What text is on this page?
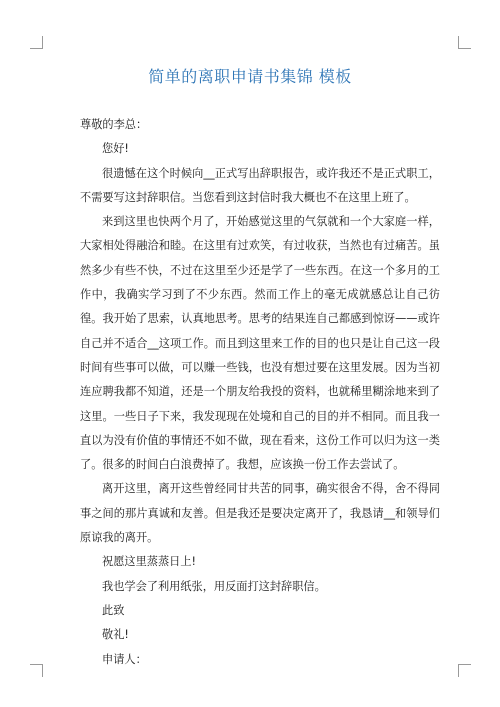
简单的离职申请书集锦 模板

尊敬的李总：

您好!

很遗憾在这个时候向__正式写出辞职报告，或许我还不是正式职工，不需要写这封辞职信。当您看到这封信时我大概也不在这里上班了。

来到这里也快两个月了，开始感觉这里的气氛就和一个大家庭一样，大家相处得融洽和睦。在这里有过欢笑，有过收获，当然也有过痛苦。虽然多少有些不快，不过在这里至少还是学了一些东西。在这一个多月的工作中，我确实学习到了不少东西。然而工作上的毫无成就感总让自己彷徨。我开始了思索，认真地思考。思考的结果连自己都感到惊讶——或许自己并不适合__这项工作。而且到这里来工作的目的也只是让自己这一段时间有些事可以做，可以赚一些钱，也没有想过要在这里发展。因为当初连应聘我都不知道，还是一个朋友给我投的资料，也就稀里糊涂地来到了这里。一些日子下来，我发现现在处境和自己的目的并不相同。而且我一直以为没有价值的事情还不如不做，现在看来，这份工作可以归为这一类了。很多的时间白白浪费掉了。我想，应该换一份工作去尝试了。

离开这里，离开这些曾经同甘共苦的同事，确实很舍不得，舍不得同事之间的那片真诚和友善。但是我还是要决定离开了，我恳请__和领导们原谅我的离开。

祝愿这里蒸蒸日上!

我也学会了利用纸张，用反面打这封辞职信。

此致

敬礼!

申请人：
